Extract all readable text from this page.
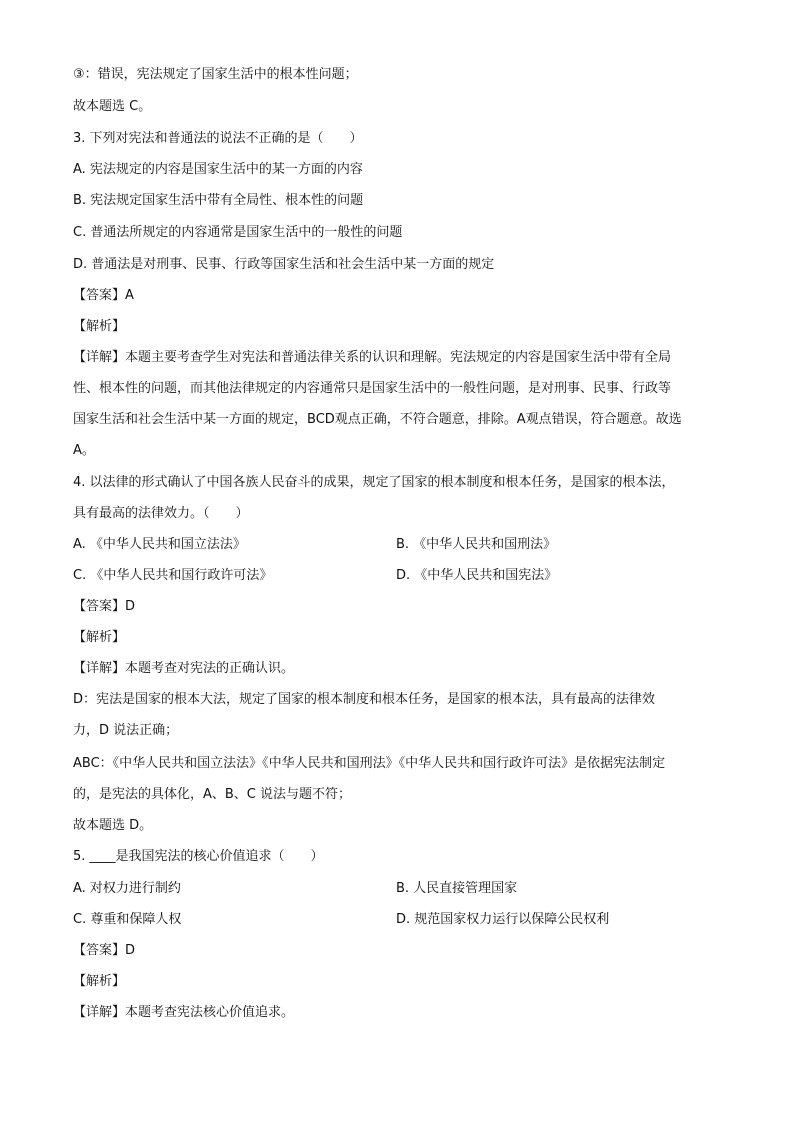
③：错误，宪法规定了国家生活中的根本性问题；
故本题选 C。
3. 下列对宪法和普通法的说法不正确的是（　　）
A. 宪法规定的内容是国家生活中的某一方面的内容
B. 宪法规定国家生活中带有全局性、根本性的问题
C. 普通法所规定的内容通常是国家生活中的一般性的问题
D. 普通法是对刑事、民事、行政等国家生活和社会生活中某一方面的规定
【答案】A
【解析】
【详解】本题主要考查学生对宪法和普通法律关系的认识和理解。宪法规定的内容是国家生活中带有全局
性、根本性的问题，而其他法律规定的内容通常只是国家生活中的一般性问题，是对刑事、民事、行政等
国家生活和社会生活中某一方面的规定，BCD观点正确，不符合题意，排除。A观点错误，符合题意。故选
A。
4. 以法律的形式确认了中国各族人民奋斗的成果，规定了国家的根本制度和根本任务，是国家的根本法，
具有最高的法律效力。（　　）
A. 《中华人民共和国立法法》	B. 《中华人民共和国刑法》
C. 《中华人民共和国行政许可法》	D. 《中华人民共和国宪法》
【答案】D
【解析】
【详解】本题考查对宪法的正确认识。
D：宪法是国家的根本大法，规定了国家的根本制度和根本任务，是国家的根本法，具有最高的法律效
力，D 说法正确；
ABC：《中华人民共和国立法法》《中华人民共和国刑法》《中华人民共和国行政许可法》是依据宪法制定
的，是宪法的具体化，A、B、C 说法与题不符；
故本题选 D。
5. ____是我国宪法的核心价值追求（　　）
A. 对权力进行制约	B. 人民直接管理国家
C. 尊重和保障人权	D. 规范国家权力运行以保障公民权利
【答案】D
【解析】
【详解】本题考查宪法核心价值追求。
